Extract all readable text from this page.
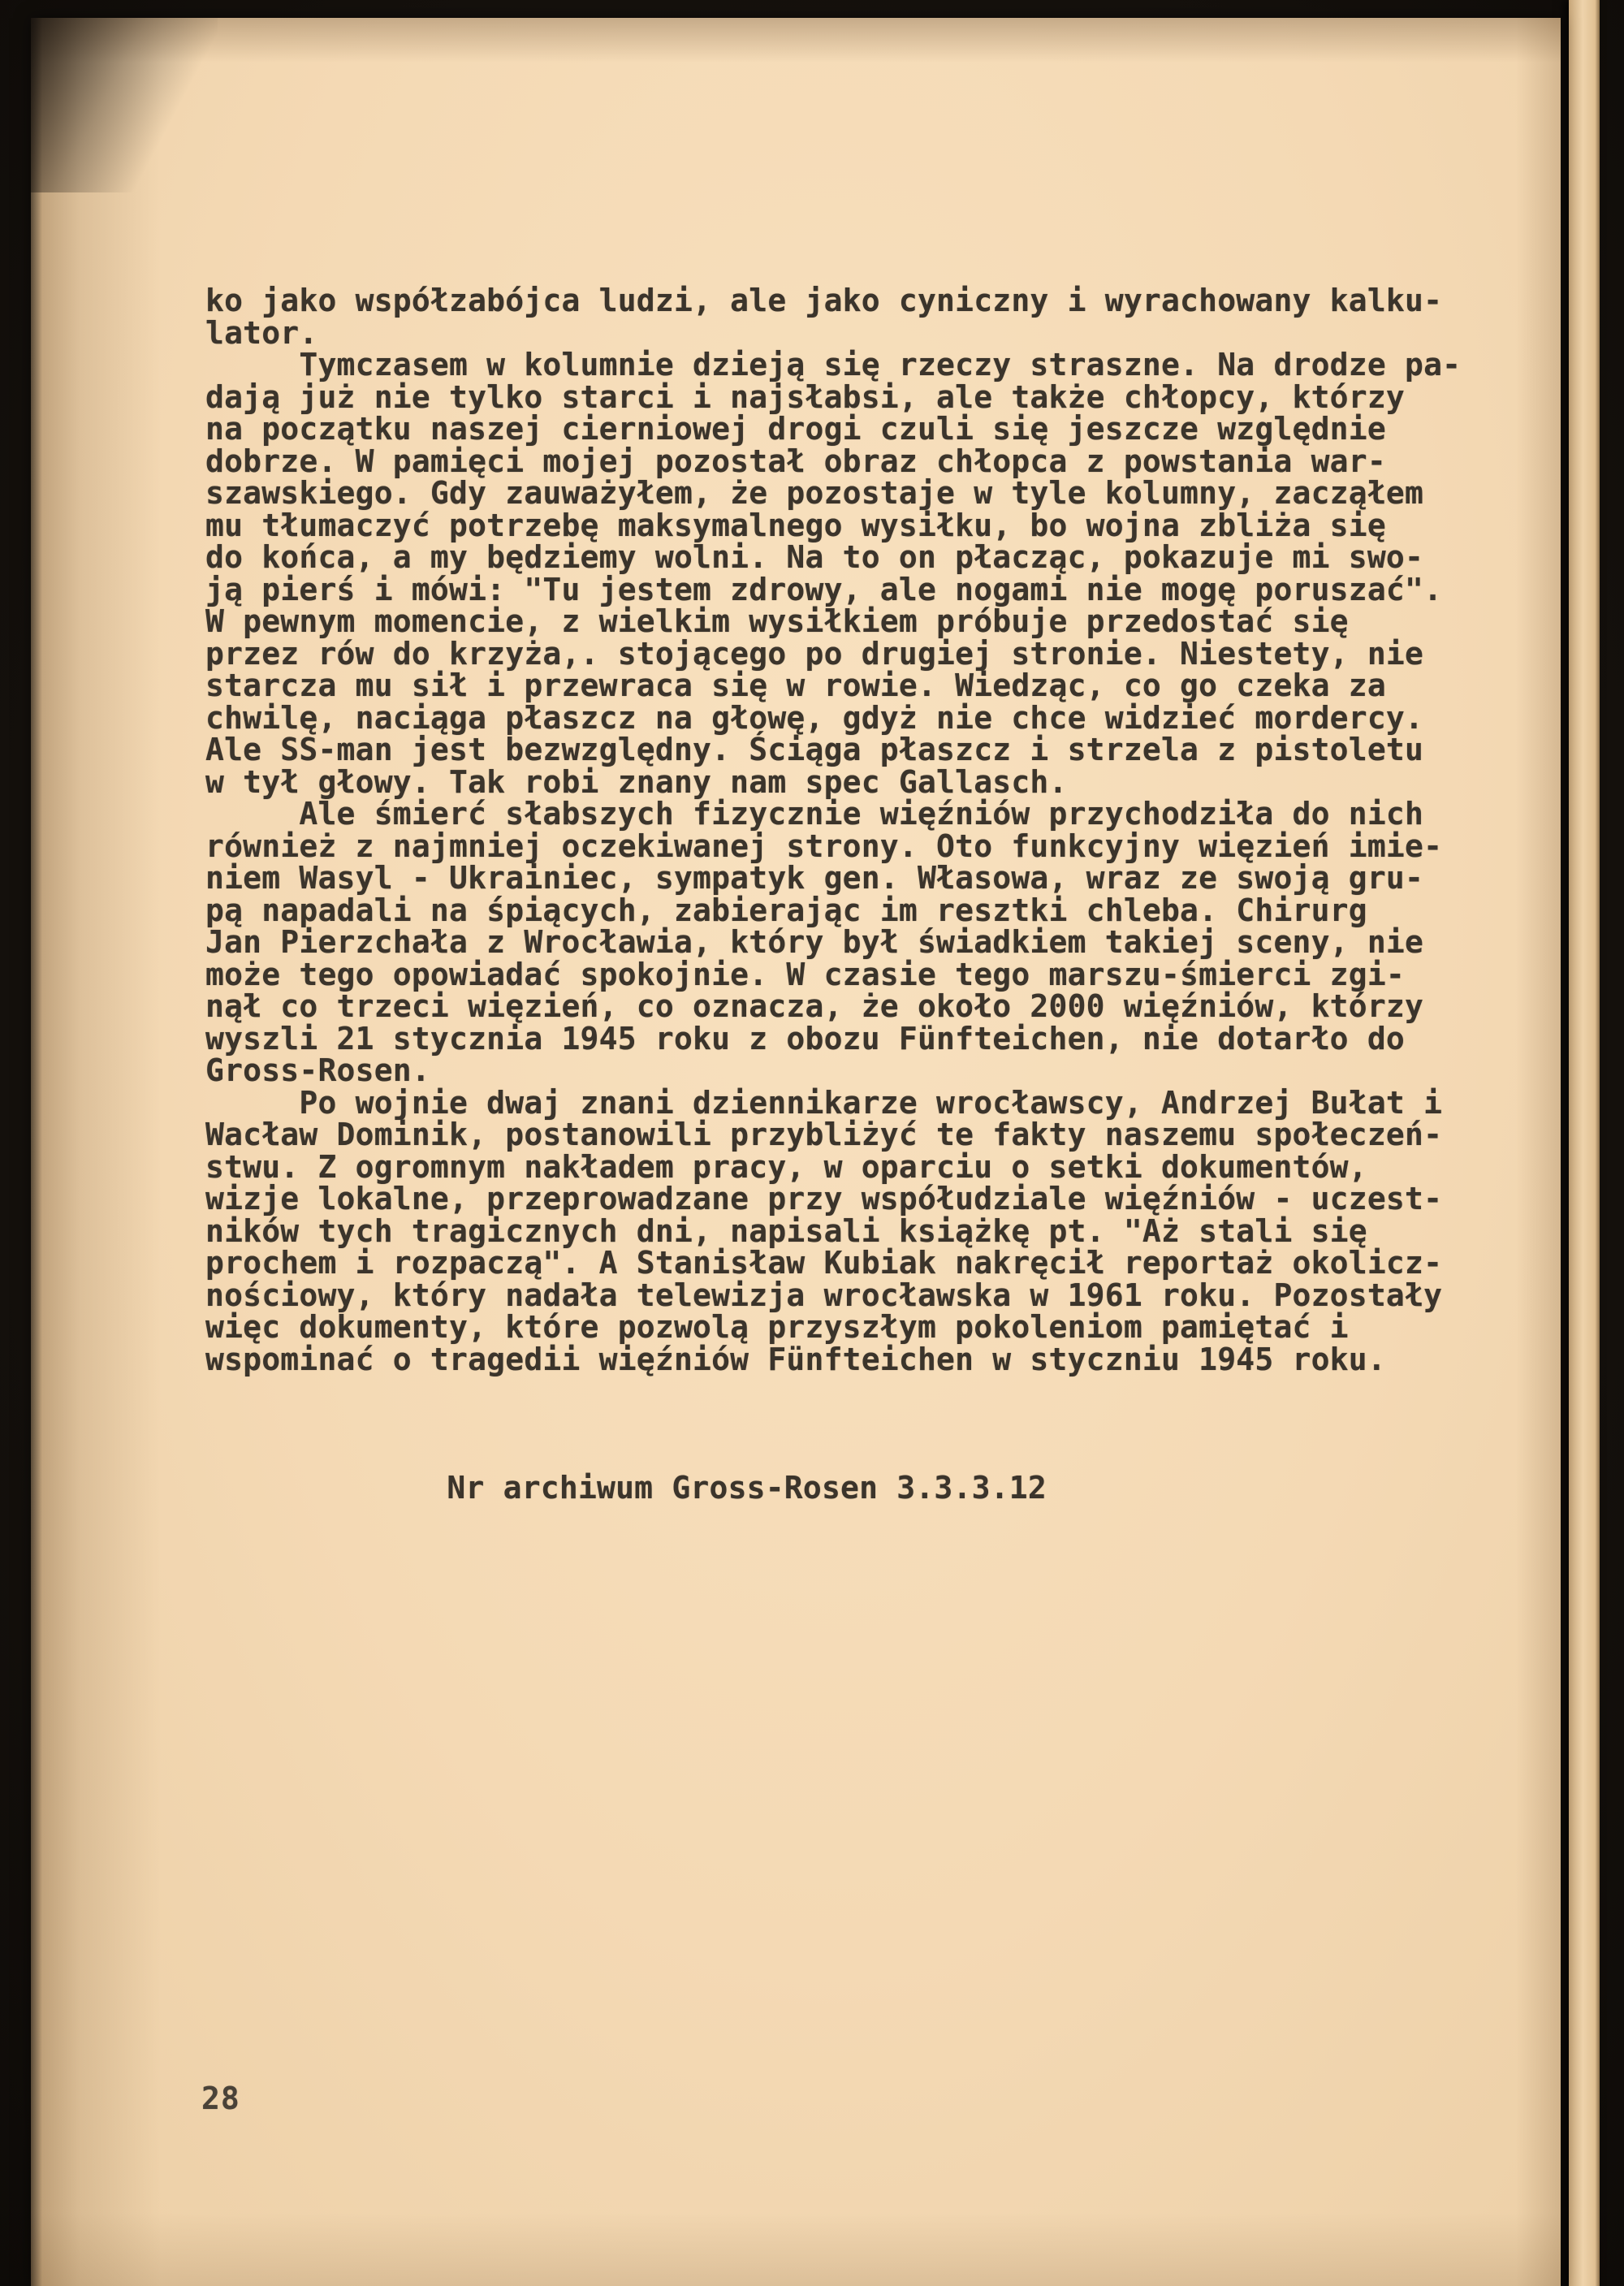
ko jako współzabójca ludzi, ale jako cyniczny i wyrachowany kalku-
lator.
Tymczasem w kolumnie dzieją się rzeczy straszne. Na drodze pa-
dają już nie tylko starci i najsłabsi, ale także chłopcy, którzy
na początku naszej cierniowej drogi czuli się jeszcze względnie
dobrze. W pamięci mojej pozostał obraz chłopca z powstania war-
szawskiego. Gdy zauważyłem, że pozostaje w tyle kolumny, zacząłem
mu tłumaczyć potrzebę maksymalnego wysiłku, bo wojna zbliża się
do końca, a my będziemy wolni. Na to on płacząc, pokazuje mi swo-
ją pierś i mówi: "Tu jestem zdrowy, ale nogami nie mogę poruszać".
W pewnym momencie, z wielkim wysiłkiem próbuje przedostać się
przez rów do krzyża,. stojącego po drugiej stronie. Niestety, nie
starcza mu sił i przewraca się w rowie. Wiedząc, co go czeka za
chwilę, naciąga płaszcz na głowę, gdyż nie chce widzieć mordercy.
Ale SS-man jest bezwzględny. Ściąga płaszcz i strzela z pistoletu
w tył głowy. Tak robi znany nam spec Gallasch.
Ale śmierć słabszych fizycznie więźniów przychodziła do nich
również z najmniej oczekiwanej strony. Oto funkcyjny więzień imie-
niem Wasyl - Ukrainiec, sympatyk gen. Własowa, wraz ze swoją gru-
pą napadali na śpiących, zabierając im resztki chleba. Chirurg
Jan Pierzchała z Wrocławia, który był świadkiem takiej sceny, nie
może tego opowiadać spokojnie. W czasie tego marszu-śmierci zgi-
nął co trzeci więzień, co oznacza, że około 2000 więźniów, którzy
wyszli 21 stycznia 1945 roku z obozu Fünfteichen, nie dotarło do
Gross-Rosen.
Po wojnie dwaj znani dziennikarze wrocławscy, Andrzej Bułat i
Wacław Dominik, postanowili przybliżyć te fakty naszemu społeczeń-
stwu. Z ogromnym nakładem pracy, w oparciu o setki dokumentów,
wizje lokalne, przeprowadzane przy współudziale więźniów - uczest-
ników tych tragicznych dni, napisali książkę pt. "Aż stali się
prochem i rozpaczą". A Stanisław Kubiak nakręcił reportaż okolicz-
nościowy, który nadała telewizja wrocławska w 1961 roku. Pozostały
więc dokumenty, które pozwolą przyszłym pokoleniom pamiętać i
wspominać o tragedii więźniów Fünfteichen w styczniu 1945 roku.

Nr archiwum Gross-Rosen 3.3.3.12

28
